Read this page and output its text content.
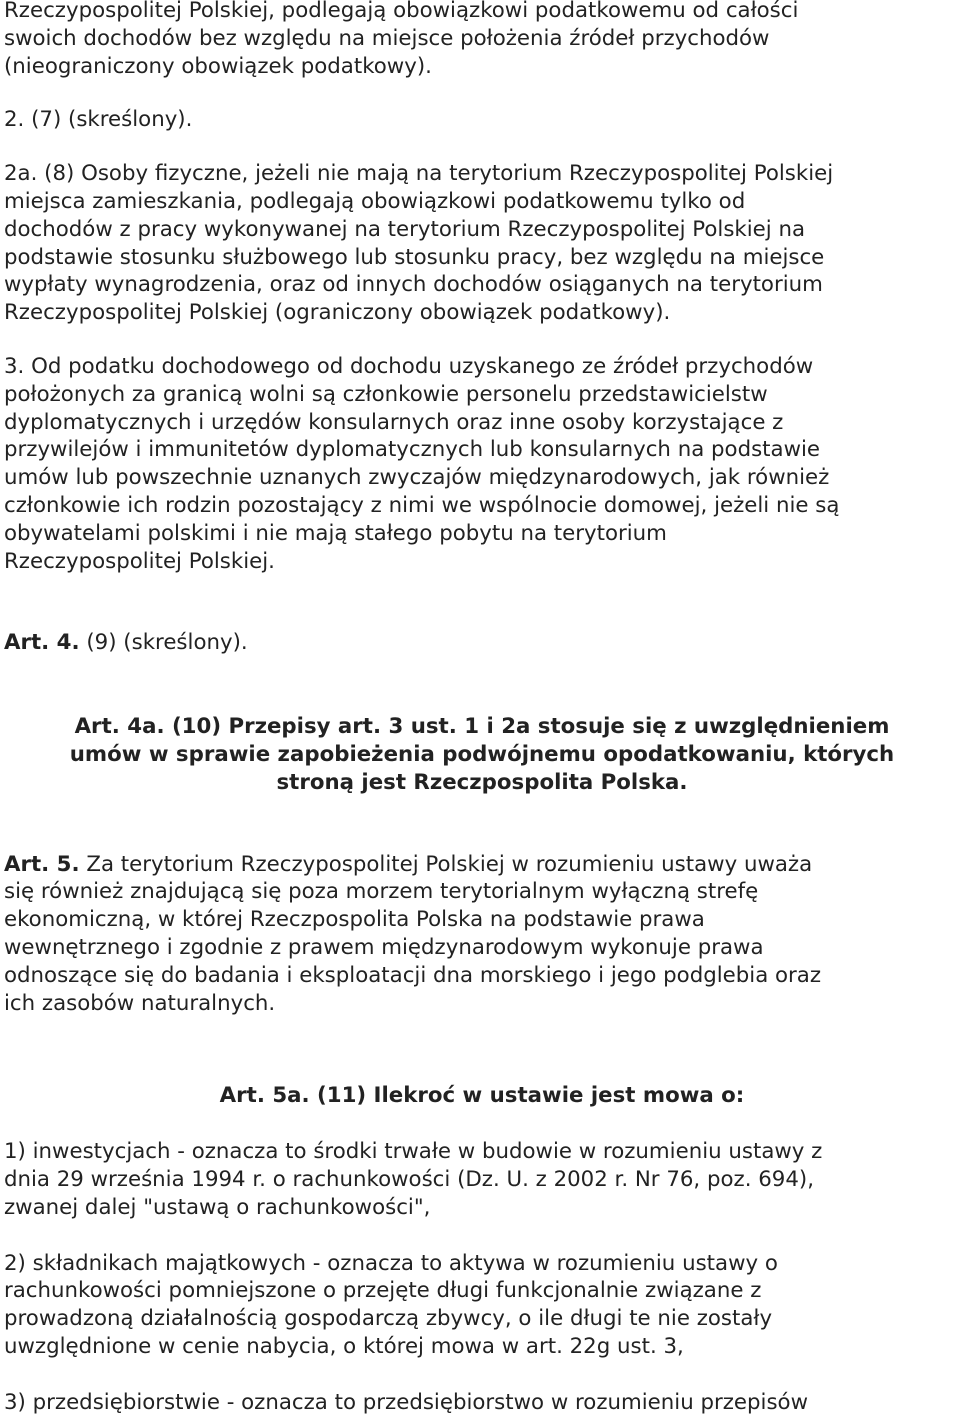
Rzeczypospolitej Polskiej, podlegają obowiązkowi podatkowemu od całości

swoich dochodów bez względu na miejsce położenia źródeł przychodów

(nieograniczony obowiązek podatkowy).

2. (7) (skreślony).

2a. (8) Osoby fizyczne, jeżeli nie mają na terytorium Rzeczypospolitej Polskiej

miejsca zamieszkania, podlegają obowiązkowi podatkowemu tylko od

dochodów z pracy wykonywanej na terytorium Rzeczypospolitej Polskiej na

podstawie stosunku służbowego lub stosunku pracy, bez względu na miejsce

wypłaty wynagrodzenia, oraz od innych dochodów osiąganych na terytorium

Rzeczypospolitej Polskiej (ograniczony obowiązek podatkowy).

3. Od podatku dochodowego od dochodu uzyskanego ze źródeł przychodów

położonych za granicą wolni są członkowie personelu przedstawicielstw

dyplomatycznych i urzędów konsularnych oraz inne osoby korzystające z

przywilejów i immunitetów dyplomatycznych lub konsularnych na podstawie

umów lub powszechnie uznanych zwyczajów międzynarodowych, jak również

członkowie ich rodzin pozostający z nimi we wspólnocie domowej, jeżeli nie są

obywatelami polskimi i nie mają stałego pobytu na terytorium

Rzeczypospolitej Polskiej.

Art. 4. (9) (skreślony).

Art. 4a. (10) Przepisy art. 3 ust. 1 i 2a stosuje się z uwzględnieniem

umów w sprawie zapobieżenia podwójnemu opodatkowaniu, których

stroną jest Rzeczpospolita Polska.

Art. 5. Za terytorium Rzeczypospolitej Polskiej w rozumieniu ustawy uważa

się również znajdującą się poza morzem terytorialnym wyłączną strefę

ekonomiczną, w której Rzeczpospolita Polska na podstawie prawa

wewnętrznego i zgodnie z prawem międzynarodowym wykonuje prawa

odnoszące się do badania i eksploatacji dna morskiego i jego podglebia oraz

ich zasobów naturalnych.

Art. 5a. (11) Ilekroć w ustawie jest mowa o:

1) inwestycjach - oznacza to środki trwałe w budowie w rozumieniu ustawy z

dnia 29 września 1994 r. o rachunkowości (Dz. U. z 2002 r. Nr 76, poz. 694),

zwanej dalej "ustawą o rachunkowości",

2) składnikach majątkowych - oznacza to aktywa w rozumieniu ustawy o

rachunkowości pomniejszone o przejęte długi funkcjonalnie związane z

prowadzoną działalnością gospodarczą zbywcy, o ile długi te nie zostały

uwzględnione w cenie nabycia, o której mowa w art. 22g ust. 3,

3) przedsiębiorstwie - oznacza to przedsiębiorstwo w rozumieniu przepisów
